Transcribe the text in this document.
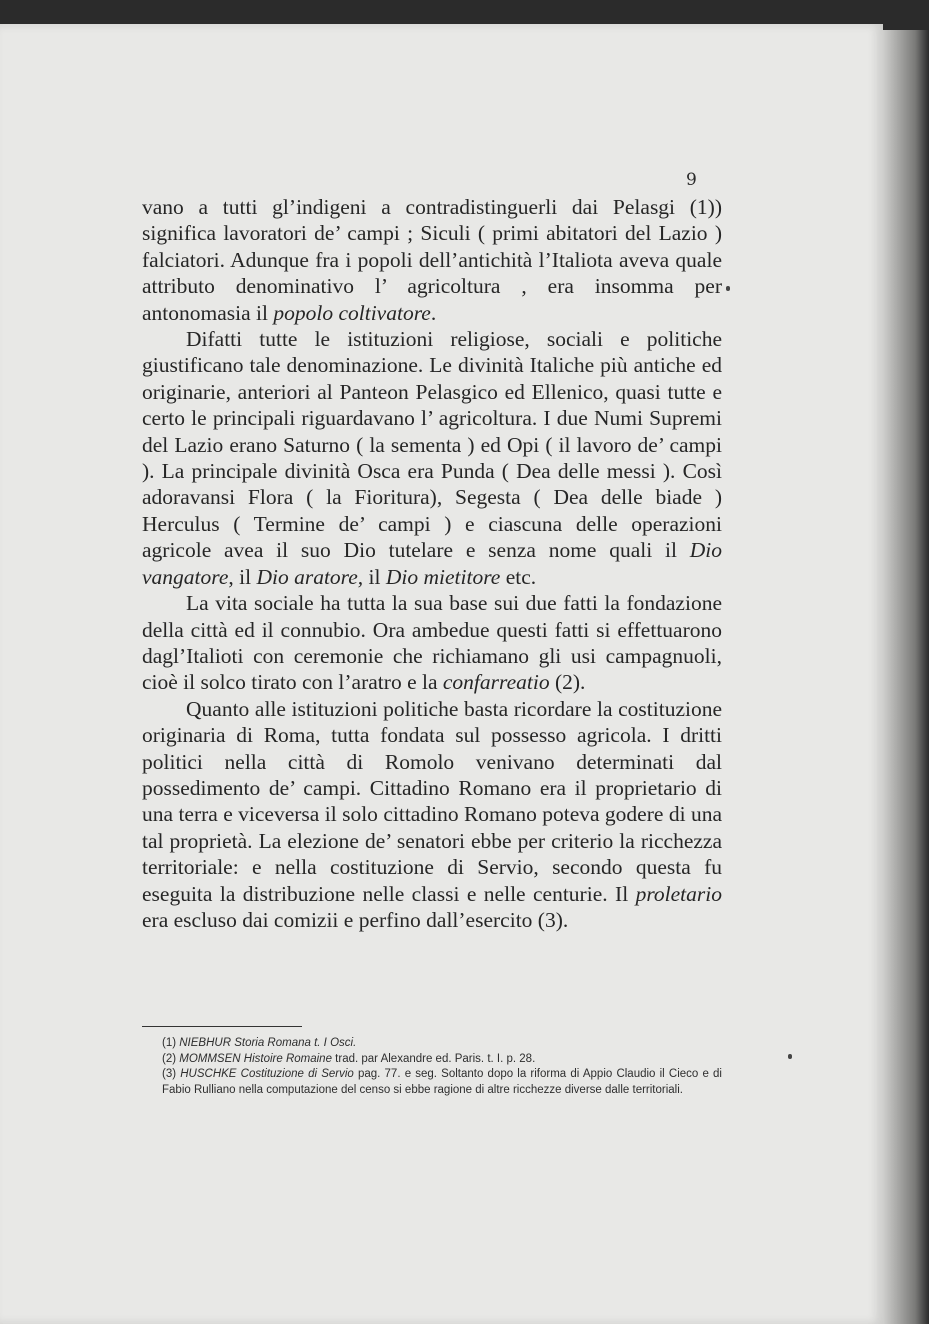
9

vano a tutti gl’indigeni a contradistinguerli dai Pelasgi (1)) significa lavoratori de’ campi ; Siculi ( primi abitatori del Lazio ) falciatori. Adunque fra i popoli dell’antichità l’Italiota aveva quale attributo denominativo l’ agricoltura , era insomma per antonomasia il popolo coltivatore.

Difatti tutte le istituzioni religiose, sociali e politiche giustificano tale denominazione. Le divinità Italiche più antiche ed originarie, anteriori al Panteon Pelasgico ed Ellenico, quasi tutte e certo le principali riguardavano l’ agricoltura. I due Numi Supremi del Lazio erano Saturno ( la sementa ) ed Opi ( il lavoro de’ campi ). La principale divinità Osca era Punda ( Dea delle messi ). Così adoravansi Flora ( la Fioritura), Segesta ( Dea delle biade ) Herculus ( Termine de’ campi ) e ciascuna delle operazioni agricole avea il suo Dio tutelare e senza nome quali il Dio vangatore, il Dio aratore, il Dio mietitore etc.

La vita sociale ha tutta la sua base sui due fatti la fondazione della città ed il connubio. Ora ambedue questi fatti si effettuarono dagl’Italioti con ceremonie che richiamano gli usi campagnuoli, cioè il solco tirato con l’aratro e la confarreatio (2).

Quanto alle istituzioni politiche basta ricordare la costituzione originaria di Roma, tutta fondata sul possesso agricola. I dritti politici nella città di Romolo venivano determinati dal possedimento de’ campi. Cittadino Romano era il proprietario di una terra e viceversa il solo cittadino Romano poteva godere di una tal proprietà. La elezione de’ senatori ebbe per criterio la ricchezza territoriale: e nella costituzione di Servio, secondo questa fu eseguita la distribuzione nelle classi e nelle centurie. Il proletario era escluso dai comizii e perfino dall’esercito (3).

(1) NIEBHUR Storia Romana t. I Osci.
(2) MOMMSEN Histoire Romaine trad. par Alexandre ed. Paris. t. I. p. 28.
(3) HUSCHKE Costituzione di Servio pag. 77. e seg. Soltanto dopo la riforma di Appio Claudio il Cieco e di Fabio Rulliano nella computazione del censo si ebbe ragione di altre ricchezze diverse dalle territoriali.
